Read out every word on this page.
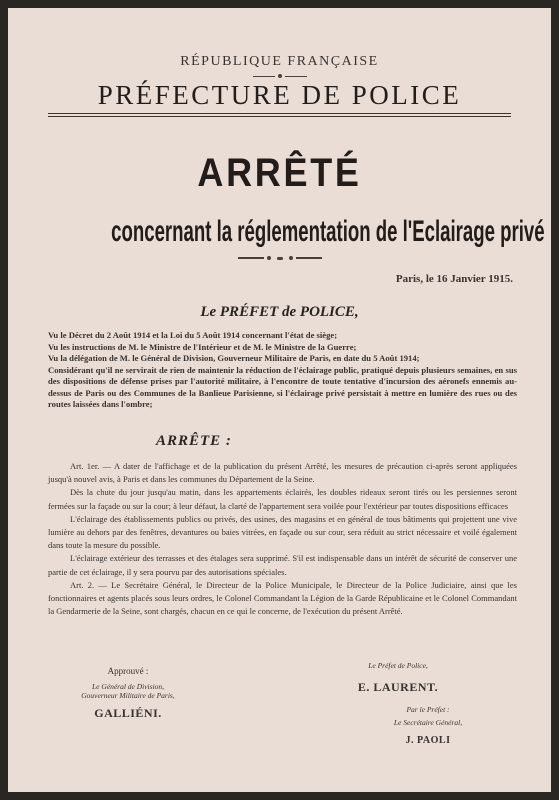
RÉPUBLIQUE FRANÇAISE
PRÉFECTURE DE POLICE
ARRÊTÉ
concernant la réglementation de l'Eclairage privé
Paris, le 16 Janvier 1915.
Le PRÉFET de POLICE,

Vu le Décret du 2 Août 1914 et la Loi du 5 Août 1914 concernant l'état de siège;

Vu les instructions de M. le Ministre de l'Intérieur et de M. le Ministre de la Guerre;

Vu la délégation de M. le Général de Division, Gouverneur Militaire de Paris, en date du 5 Août 1914;

Considérant qu'il ne servirait de rien de maintenir la réduction de l'éclairage public, pratiqué depuis plusieurs semaines, en sus des dispositions de défense prises par l'autorité militaire, à l'encontre de toute tentative d'incursion des aéronefs ennemis au-dessus de Paris ou des Communes de la Banlieue Parisienne, si l'éclairage privé persistait à mettre en lumière des rues ou des routes laissées dans l'ombre;

ARRÊTE :

Art. 1er. — A dater de l'affichage et de la publication du présent Arrêté, les mesures de précaution ci-après seront appliquées jusqu'à nouvel avis, à Paris et dans les communes du Département de la Seine.

Dès la chute du jour jusqu'au matin, dans les appartements éclairés, les doubles rideaux seront tirés ou les persiennes seront fermées sur la façade ou sur la cour; à leur défaut, la clarté de l'appartement sera voilée pour l'extérieur par toutes dispositions efficaces

L'éclairage des établissements publics ou privés, des usines, des magasins et en général de tous bâtiments qui projettent une vive lumière au dehors par des fenêtres, devantures ou baies vitrées, en façade ou sur cour, sera réduit au strict nécessaire et voilé également dans toute la mesure du possible.

L'éclairage extérieur des terrasses et des étalages sera supprimé. S'il est indispensable dans un intérêt de sécurité de conserver une partie de cet éclairage, il y sera pourvu par des autorisations spéciales.

Art. 2. — Le Secrétaire Général, le Directeur de la Police Municipale, le Directeur de la Police Judiciaire, ainsi que les fonctionnaires et agents placés sous leurs ordres, le Colonel Commandant la Légion de la Garde Républicaine et le Colonel Commandant la Gendarmerie de la Seine, sont chargés, chacun en ce qui le concerne, de l'exécution du présent Arrêté.

Approuvé :
Le Général de Division,
Gouverneur Militaire de Paris,
GALLIÉNI.
Le Préfet de Police,
E. LAURENT.
Par le Préfet :
Le Secrétaire Général,
J. PAOLI
